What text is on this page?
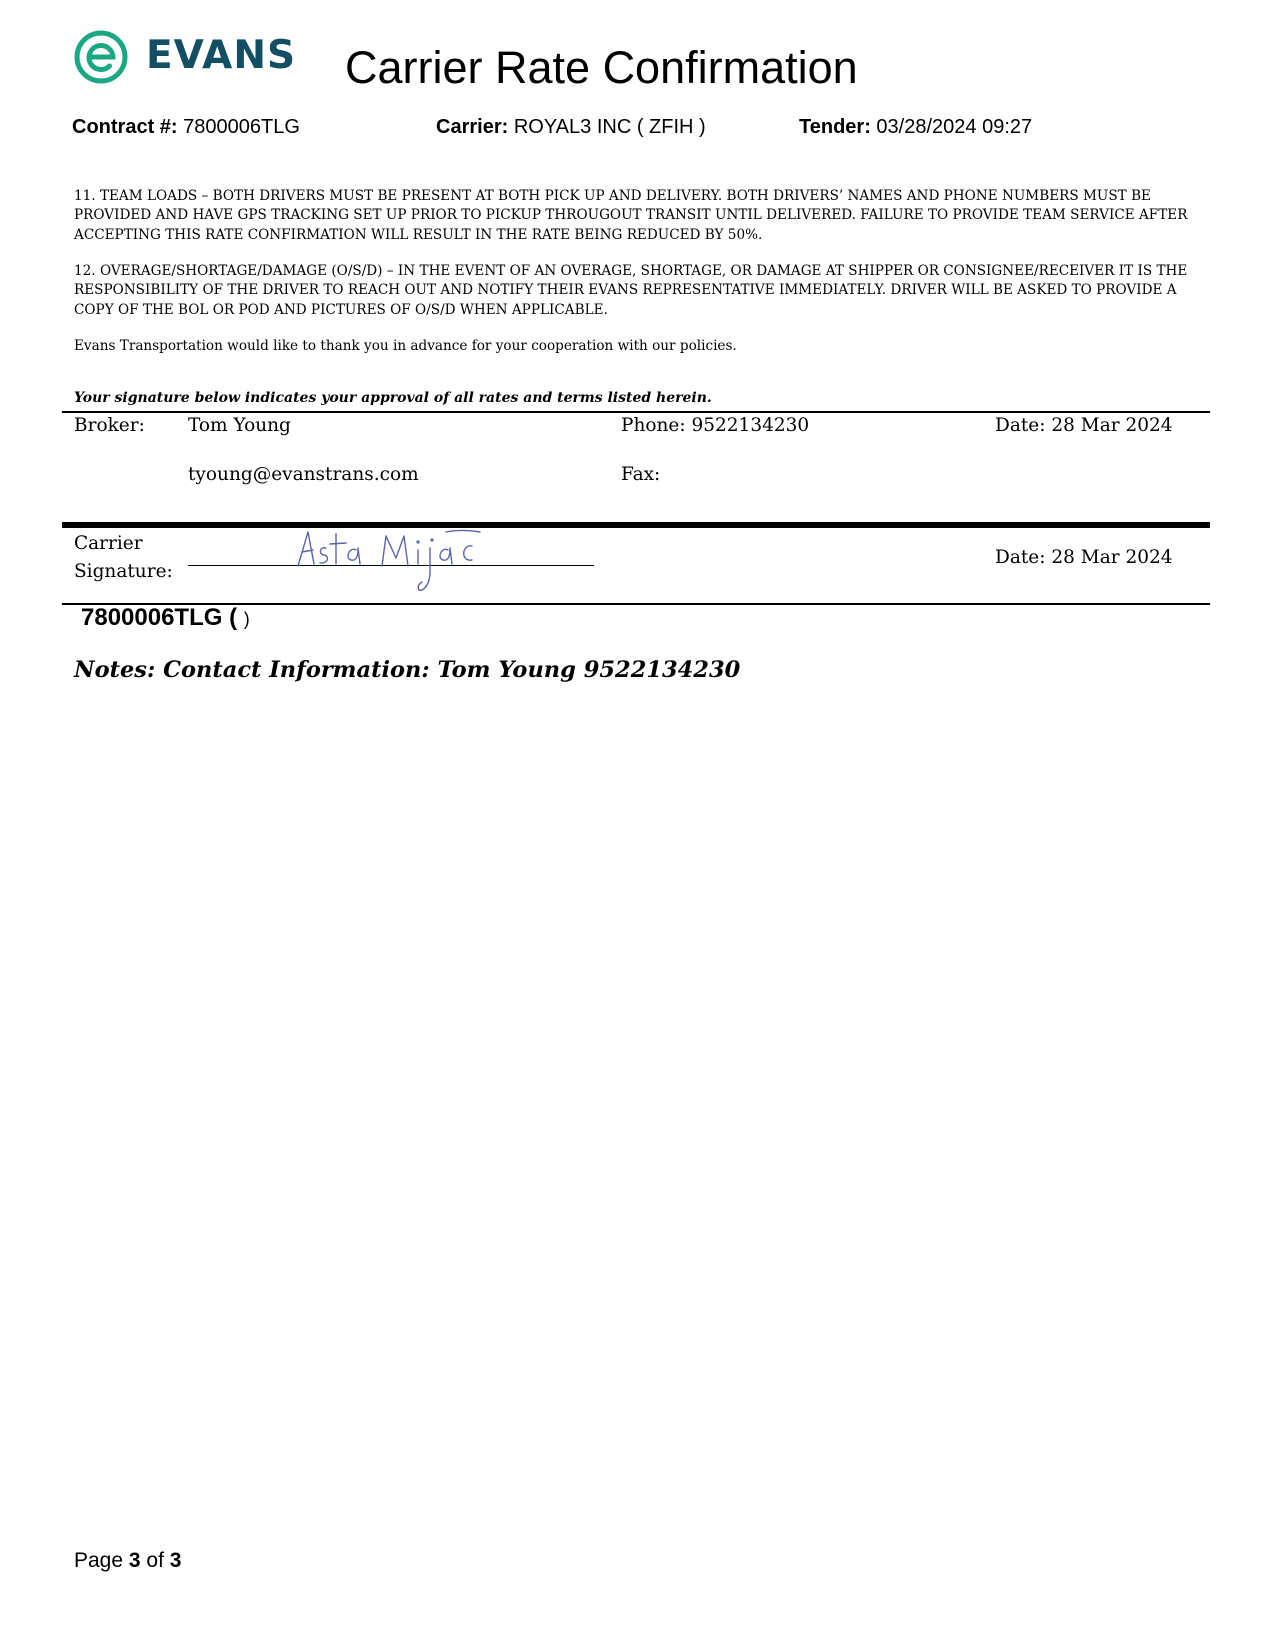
EVANS Carrier Rate Confirmation
Contract #: 7800006TLG	Carrier: ROYAL3 INC ( ZFIH )	Tender: 03/28/2024 09:27

11. TEAM LOADS – BOTH DRIVERS MUST BE PRESENT AT BOTH PICK UP AND DELIVERY. BOTH DRIVERS’ NAMES AND PHONE NUMBERS MUST BE PROVIDED AND HAVE GPS TRACKING SET UP PRIOR TO PICKUP THROUGOUT TRANSIT UNTIL DELIVERED. FAILURE TO PROVIDE TEAM SERVICE AFTER ACCEPTING THIS RATE CONFIRMATION WILL RESULT IN THE RATE BEING REDUCED BY 50%.

12. OVERAGE/SHORTAGE/DAMAGE (O/S/D) – IN THE EVENT OF AN OVERAGE, SHORTAGE, OR DAMAGE AT SHIPPER OR CONSIGNEE/RECEIVER IT IS THE RESPONSIBILITY OF THE DRIVER TO REACH OUT AND NOTIFY THEIR EVANS REPRESENTATIVE IMMEDIATELY. DRIVER WILL BE ASKED TO PROVIDE A COPY OF THE BOL OR POD AND PICTURES OF O/S/D WHEN APPLICABLE.

Evans Transportation would like to thank you in advance for your cooperation with our policies.

Your signature below indicates your approval of all rates and terms listed herein.
Broker: Tom Young	Phone: 9522134230	Date: 28 Mar 2024
tyoung@evanstrans.com	Fax:
Carrier
Signature:
Date: 28 Mar 2024
7800006TLG ( )
Notes: Contact Information: Tom Young 9522134230
Page 3 of 3
